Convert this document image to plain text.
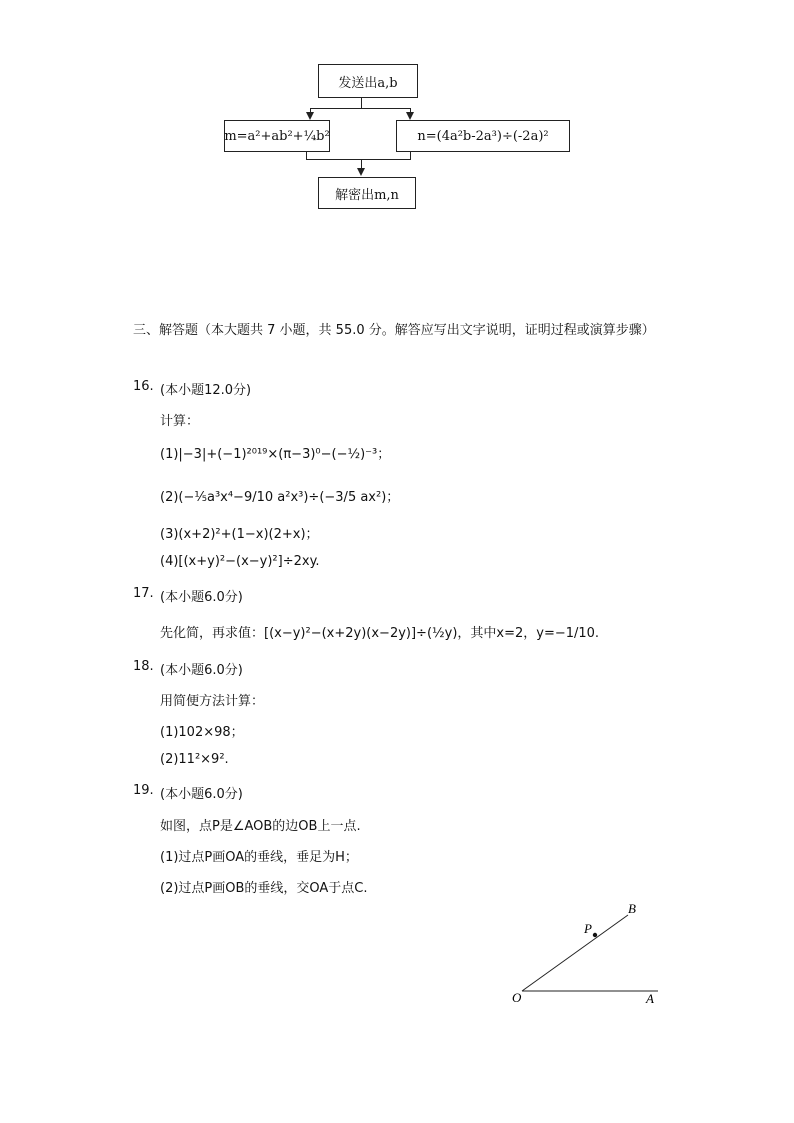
发送出a,b
m=a²+ab²+¼b²	n=(4a²b-2a³)÷(-2a)²
解密出m,n
三、解答题（本大题共 7 小题，共 55.0 分。解答应写出文字说明，证明过程或演算步骤）
16. (本小题12.0分)
计算：
(1)|−3|+(−1)²⁰¹⁹×(π−3)⁰−(−½)⁻³；
(2)(−⅕a³x⁴−9/10 a²x³)÷(−3/5 ax²)；
(3)(x+2)²+(1−x)(2+x)；
(4)[(x+y)²−(x−y)²]÷2xy.
17. (本小题6.0分)
先化简，再求值：[(x−y)²−(x+2y)(x−2y)]÷(½y)，其中x=2，y=−1/10.
18. (本小题6.0分)
用简便方法计算：
(1)102×98；
(2)11²×9².
19. (本小题6.0分)
如图，点P是∠AOB的边OB上一点.
(1)过点P画OA的垂线，垂足为H；
(2)过点P画OB的垂线，交OA于点C.
O	A
B
P
